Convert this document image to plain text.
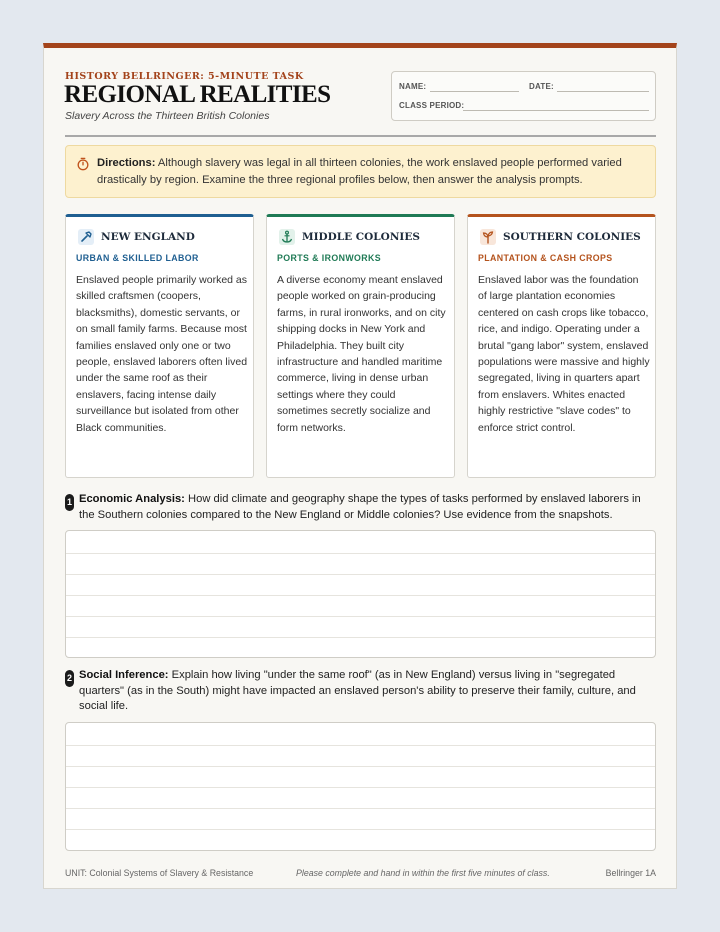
HISTORY BELLRINGER: 5-MINUTE TASK
REGIONAL REALITIES
Slavery Across the Thirteen British Colonies
NAME:	DATE:
CLASS PERIOD:
Directions: Although slavery was legal in all thirteen colonies, the work enslaved people performed varied drastically by region. Examine the three regional profiles below, then answer the analysis prompts.
NEW ENGLAND
URBAN & SKILLED LABOR
Enslaved people primarily worked as skilled craftsmen (coopers, blacksmiths), domestic servants, or on small family farms. Because most families enslaved only one or two people, enslaved laborers often lived under the same roof as their enslavers, facing intense daily surveillance but isolated from other Black communities.
MIDDLE COLONIES
PORTS & IRONWORKS
A diverse economy meant enslaved people worked on grain-producing farms, in rural ironworks, and on city shipping docks in New York and Philadelphia. They built city infrastructure and handled maritime commerce, living in dense urban settings where they could sometimes secretly socialize and form networks.
SOUTHERN COLONIES
PLANTATION & CASH CROPS
Enslaved labor was the foundation of large plantation economies centered on cash crops like tobacco, rice, and indigo. Operating under a brutal "gang labor" system, enslaved populations were massive and highly segregated, living in quarters apart from enslavers. Whites enacted highly restrictive "slave codes" to enforce strict control.
1 Economic Analysis: How did climate and geography shape the types of tasks performed by enslaved laborers in the Southern colonies compared to the New England or Middle colonies? Use evidence from the snapshots.
2 Social Inference: Explain how living "under the same roof" (as in New England) versus living in "segregated quarters" (as in the South) might have impacted an enslaved person's ability to preserve their family, culture, and social life.
UNIT: Colonial Systems of Slavery & Resistance	Please complete and hand in within the first five minutes of class.	Bellringer 1A
